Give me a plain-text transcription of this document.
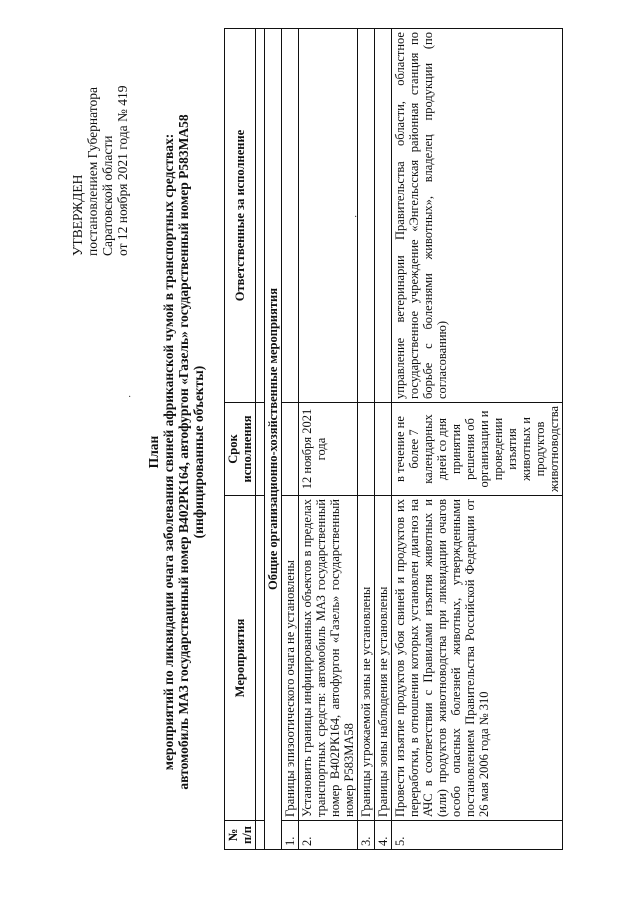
·
·
УТВЕРЖДЕН постановлением Губернатора Саратовской области от 12 ноября 2021 года № 419
План мероприятий по ликвидации очага заболевания свиней африканской чумой в транспортных средствах: автомобиль МАЗ государственный номер В402РК164, автофургон «Газель» государственный номер Р583МА58 (инфицированные объекты)
№ п/п	Мероприятия	Срок исполнения	Ответственные за исполнение

Общие организационно-хозяйственные мероприятия			
1.	Границы эпизоотического очага не установлены		
2.	Установить границы инфицированных объектов в пределах транспортных средств: автомобиль МАЗ государственный номер В402РК164, автофургон «Газель» государственный номер Р583МА58	12 ноября 2021 года	
3.	Границы угрожаемой зоны не установлены		
4.	Границы зоны наблюдения не установлены		
5.	Провести изъятие продуктов убоя свиней и продуктов их переработки, в отношении которых установлен диагноз на АЧС в соответствии с Правилами изъятия животных и (или) продуктов животноводства при ликвидации очагов особо опасных болезней животных, утвержденными постановлением Правительства Российской Федерации от 26 мая 2006 года № 310	в течение не более 7 календарных дней со дня принятия решения об организации и проведении изъятия животных и продуктов животноводства	управление ветеринарии Правительства области, областное государственное учреждение «Энгельсская районная станция по борьбе с болезнями животных», владелец продукции (по согласованию)
